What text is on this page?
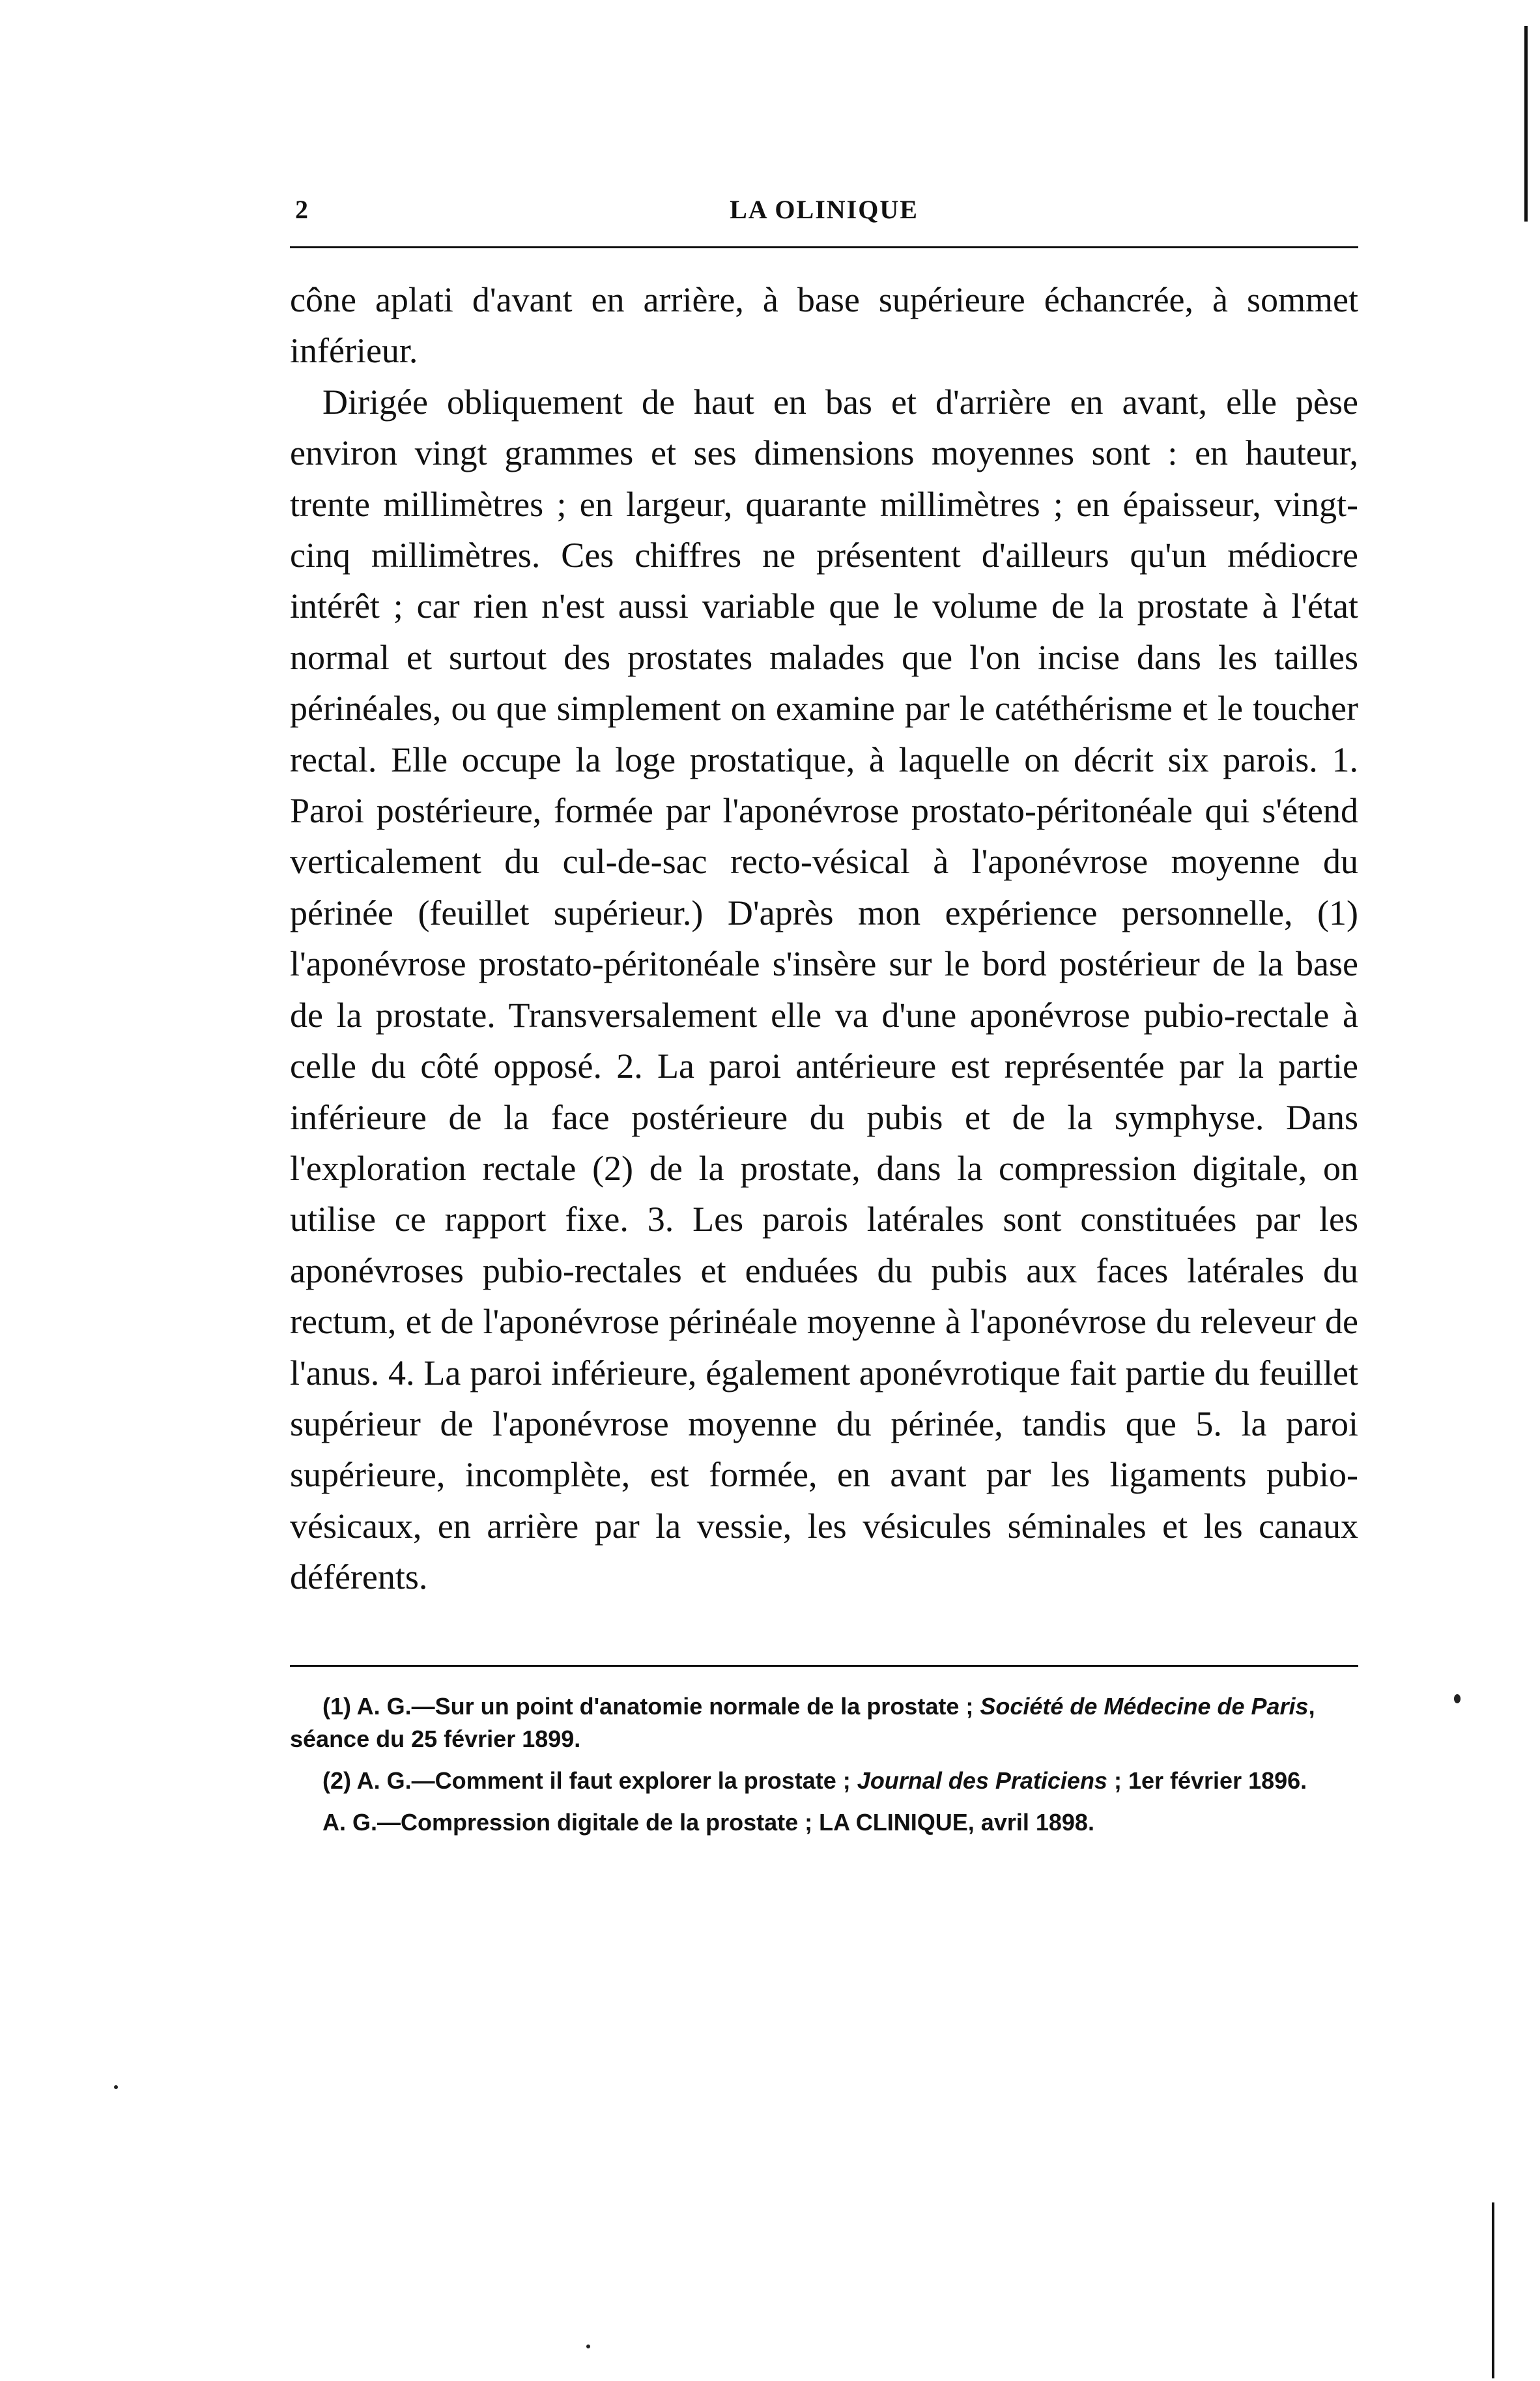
2	LA OLINIQUE

cône aplati d'avant en arrière, à base supérieure échancrée, à sommet inférieur.

Dirigée obliquement de haut en bas et d'arrière en avant, elle pèse environ vingt grammes et ses dimensions moyennes sont : en hauteur, trente millimètres ; en largeur, quarante millimètres ; en épaisseur, vingt-cinq millimètres. Ces chiffres ne présentent d'ailleurs qu'un médiocre intérêt ; car rien n'est aussi variable que le volume de la prostate à l'état normal et surtout des prostates malades que l'on incise dans les tailles périnéales, ou que simplement on examine par le catéthérisme et le toucher rectal. Elle occupe la loge prostatique, à laquelle on décrit six parois. 1. Paroi postérieure, formée par l'aponévrose prostato-péritonéale qui s'étend verticalement du cul-de-sac recto-vésical à l'aponévrose moyenne du périnée (feuillet supérieur.) D'après mon expérience personnelle, (1) l'aponévrose prostato-péritonéale s'insère sur le bord postérieur de la base de la prostate. Transversalement elle va d'une aponévrose pubio-rectale à celle du côté opposé. 2. La paroi antérieure est représentée par la partie inférieure de la face postérieure du pubis et de la symphyse. Dans l'exploration rectale (2) de la prostate, dans la compression digitale, on utilise ce rapport fixe. 3. Les parois latérales sont constituées par les aponévroses pubio-rectales et enduées du pubis aux faces latérales du rectum, et de l'aponévrose périnéale moyenne à l'aponévrose du releveur de l'anus. 4. La paroi inférieure, également aponévrotique fait partie du feuillet supérieur de l'aponévrose moyenne du périnée, tandis que 5. la paroi supérieure, incomplète, est formée, en avant par les ligaments pubio-vésicaux, en arrière par la vessie, les vésicules séminales et les canaux déférents.

(1) A. G.—Sur un point d'anatomie normale de la prostate ; Société de Médecine de Paris, séance du 25 février 1899.

(2) A. G.—Comment il faut explorer la prostate ; Journal des Praticiens ; 1er février 1896.

A. G.—Compression digitale de la prostate ; LA CLINIQUE, avril 1898.
